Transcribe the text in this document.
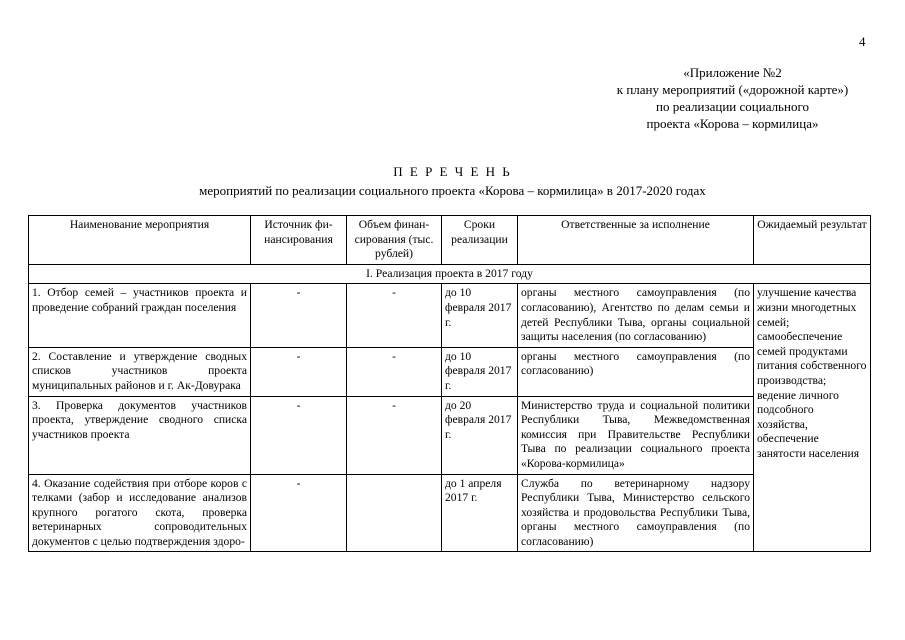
4
«Приложение №2
к плану мероприятий («дорожной карте»)
по реализации социального
проекта «Корова – кормилица»
П Е Р Е Ч Е Н Ь
мероприятий по реализации социального проекта «Корова – кормилица» в 2017-2020 годах
Наименование мероприятия	Источник фи-нансирования	Объем финан-сирования (тыс. рублей)	Сроки реализации	Ответственные за исполнение	Ожидаемый результат
I. Реализация проекта в 2017 году					
1. Отбор семей – участников проекта и проведение собраний граждан поселения	-	-	до 10 февраля 2017 г.	органы местного самоуправления (по согласованию), Агентство по делам семьи и детей Республики Тыва, органы социальной защиты населения (по согласованию)	улучшение качества жизни многодетных семей; самообеспечение семей продуктами питания собственного производства; ведение личного подсобного хозяйства, обеспечение занятости населения
2. Составление и утверждение сводных списков участников проекта муниципальных районов и г. Ак-Довурака	-	-	до 10 февраля 2017 г.	органы местного самоуправления (по согласованию)	
3. Проверка документов участников проекта, утверждение сводного списка участников проекта	-	-	до 20 февраля 2017 г.	Министерство труда и социальной политики Республики Тыва, Межведомственная комиссия при Правительстве Республики Тыва по реализации социального проекта «Корова-кормилица»	
4. Оказание содействия при отборе коров с телками (забор и исследование анализов крупного рогатого скота, проверка ветеринарных сопроводительных документов с целью подтверждения здоро-	-		до 1 апреля 2017 г.	Служба по ветеринарному надзору Республики Тыва, Министерство сельского хозяйства и продовольства Республики Тыва, органы местного самоуправления (по согласованию)	
